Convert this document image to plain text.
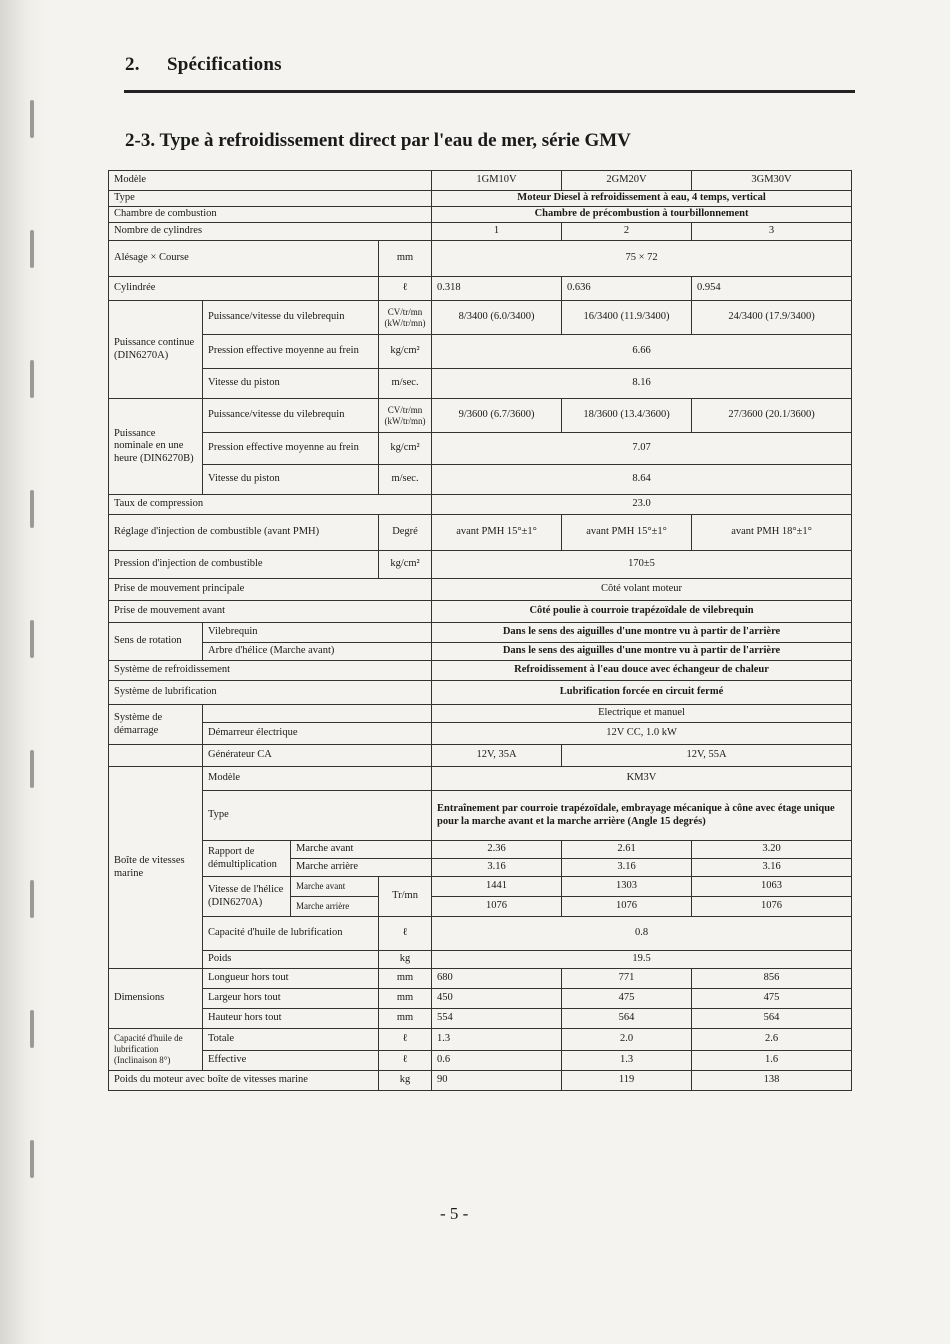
2. Spécifications
2-3. Type à refroidissement direct par l'eau de mer, série GMV
Modèle				1GM10V	2GM20V	3GM30V
Type				Moteur Diesel à refroidissement à eau, 4 temps, vertical		
Chambre de combustion				Chambre de précombustion à tourbillonnement		
Nombre de cylindres				1	2	3
Alésage × Course			mm	75 × 72		
Cylindrée			ℓ	0.318	0.636	0.954
Puissance continue (DIN6270A)	Puissance/vitesse du vilebrequin		CV/tr/mn (kW/tr/mn)	8/3400 (6.0/3400)	16/3400 (11.9/3400)	24/3400 (17.9/3400)
	Pression effective moyenne au frein		kg/cm²	6.66		
	Vitesse du piston		m/sec.	8.16		
Puissance nominale en une heure (DIN6270B)	Puissance/vitesse du vilebrequin		CV/tr/mn (kW/tr/mn)	9/3600 (6.7/3600)	18/3600 (13.4/3600)	27/3600 (20.1/3600)
	Pression effective moyenne au frein		kg/cm²	7.07		
	Vitesse du piston		m/sec.	8.64		
Taux de compression				23.0		
Réglage d'injection de combustible (avant PMH)			Degré	avant PMH 15°±1°	avant PMH 15°±1°	avant PMH 18°±1°
Pression d'injection de combustible			kg/cm²	170±5		
Prise de mouvement principale				Côté volant moteur		
Prise de mouvement avant				Côté poulie à courroie trapézoïdale de vilebrequin		
Sens de rotation	Vilebrequin			Dans le sens des aiguilles d'une montre vu à partir de l'arrière		
	Arbre d'hélice (Marche avant)			Dans le sens des aiguilles d'une montre vu à partir de l'arrière		
Système de refroidissement				Refroidissement à l'eau douce avec échangeur de chaleur		
Système de lubrification				Lubrification forcée en circuit fermé		
Système de démarrage				Electrique et manuel		
	Démarreur électrique			12V CC, 1.0 kW		
	Générateur CA			12V, 35A	12V, 55A	
Boîte de vitesses marine	Modèle			KM3V		
	Type			Entraînement par courroie trapézoïdale, embrayage mécanique à cône avec étage unique pour la marche avant et la marche arrière (Angle 15 degrés)		
	Rapport de démultiplication	Marche avant		2.36	2.61	3.20
		Marche arrière		3.16	3.16	3.16
	Vitesse de l'hélice (DIN6270A)	Marche avant	Tr/mn	1441	1303	1063
		Marche arrière		1076	1076	1076
	Capacité d'huile de lubrification		ℓ	0.8		
	Poids		kg	19.5		
Dimensions	Longueur hors tout		mm	680	771	856
	Largeur hors tout		mm	450	475	475
	Hauteur hors tout		mm	554	564	564
Capacité d'huile de lubrification (Inclinaison 8°)	Totale		ℓ	1.3	2.0	2.6
	Effective		ℓ	0.6	1.3	1.6
Poids du moteur avec boîte de vitesses marine			kg	90	119	138
- 5 -
